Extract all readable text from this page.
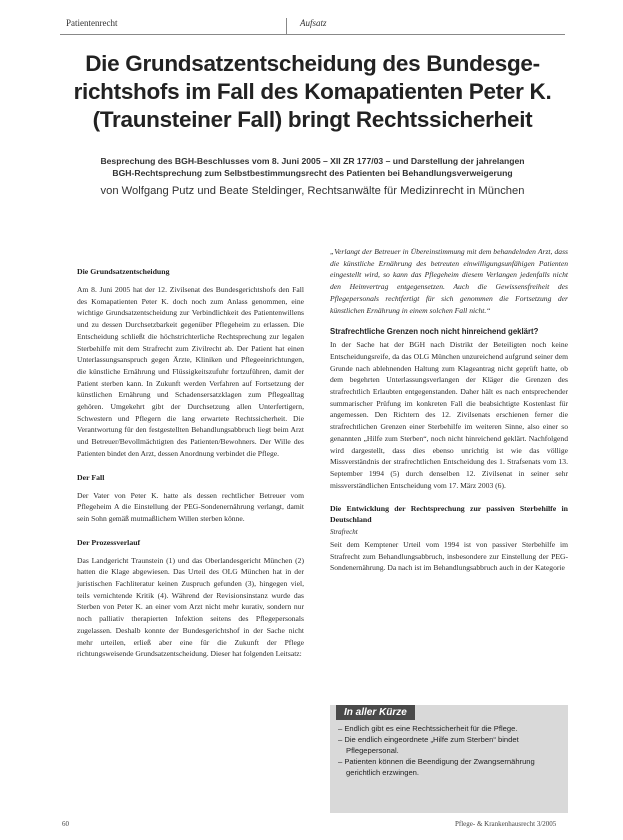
Patientenrecht	Aufsatz
Die Grundsatzentscheidung des Bundesge-
richtshofs im Fall des Komapatienten Peter K.
(Traunsteiner Fall) bringt Rechtssicherheit
Besprechung des BGH-Beschlusses vom 8. Juni 2005 – XII ZR 177/03 – und Darstellung der jahrelangen
BGH-Rechtsprechung zum Selbstbestimmungsrecht des Patienten bei Behandlungsverweigerung
von Wolfgang Putz und Beate Steldinger, Rechtsanwälte für Medizinrecht in München
Die Grundsatzentscheidung

Am 8. Juni 2005 hat der 12. Zivilsenat des Bundesgerichtshofs den Fall des Komapatienten Peter K. doch noch zum Anlass genommen, eine wichtige Grundsatzentscheidung zur Verbindlichkeit des Patientenwillens und zu dessen Durchsetzbarkeit gegenüber Pflegeheim zu erlassen. Die Entscheidung schließt die höchstrichterliche Rechtsprechung zur legalen Sterbehilfe mit dem Strafrecht zum Zivilrecht ab. Der Patient hat einen Unterlassungsanspruch gegen Ärzte, Kliniken und Pflegeeinrichtungen, die künstliche Ernährung und Flüssigkeitszufuhr fortzuführen, damit der Patient sterben kann. In Zukunft werden Verfahren auf Fortsetzung der künstlichen Ernährung und Schadensersatzklagen zum Pflegealltag gehören. Umgekehrt gibt der Durchsetzung allen Unterfertigern, Schwestern und Pflegern die lang erwartete Rechtssicherheit. Die Verantwortung für den festgestellten Behandlungsabbruch liegt beim Arzt und Betreuer/Bevollmächtigten des Patienten/Bewohners. Der Wille des Patienten bindet den Arzt, dessen Anordnung verbindet die Pflege.

Der Fall

Der Vater von Peter K. hatte als dessen rechtlicher Betreuer vom Pflegeheim A die Einstellung der PEG-Sondenernährung verlangt, damit sein Sohn gemäß mutmaßlichem Willen sterben könne.

Der Prozessverlauf

Das Landgericht Traunstein (1) und das Oberlandesgericht München (2) hatten die Klage abgewiesen. Das Urteil des OLG München hat in der juristischen Fachliteratur keinen Zuspruch gefunden (3), hingegen viel, teils vernichtende Kritik (4). Während der Revisionsinstanz wurde das Sterben von Peter K. an einer vom Arzt nicht mehr kurativ, sondern nur noch palliativ therapierten Infektion seitens des Pflegepersonals zugelassen. Deshalb konnte der Bundesgerichtshof in der Sache nicht mehr urteilen, erließ aber eine für die Zukunft der Pflege richtungsweisende Grundsatzentscheidung. Dieser hat folgenden Leitsatz:

„Verlangt der Betreuer in Übereinstimmung mit dem behandelnden Arzt, dass die künstliche Ernährung des betreuten einwilligungsunfähigen Patienten eingestellt wird, so kann das Pflegeheim diesem Verlangen jedenfalls nicht den Heimvertrag entgegensetzen. Auch die Gewissensfreiheit des Pflegepersonals rechtfertigt für sich genommen die Fortsetzung der künstlichen Ernährung in einem solchen Fall nicht.“

Strafrechtliche Grenzen noch nicht hinreichend geklärt?

In der Sache hat der BGH nach Distrikt der Beteiligten noch keine Entscheidungsreife, da das OLG München unzureichend aufgrund seiner dem Grunde nach ablehnenden Haltung zum Klageantrag nicht geprüft hatte, ob dem begehrten Unterlassungsverlangen der Kläger die Grenzen des strafrechtlich Erlaubten entgegenstanden. Daher hält es nach entsprechender summarischer Prüfung im konkreten Fall die beabsichtigte Kostenlast für angemessen. Den Richtern des 12. Zivilsenats erschienen ferner die strafrechtlichen Grenzen einer Sterbehilfe im weiteren Sinne, also einer so genannten „Hilfe zum Sterben“, noch nicht hinreichend geklärt. Nachfolgend wird dargestellt, dass dies ebenso unrichtig ist wie das völlige Missverständnis der strafrechtlichen Entscheidung des 1. Strafsenats vom 13. September 1994 (5) durch denselben 12. Zivilsenat in seiner sehr missverständlichen Entscheidung vom 17. März 2003 (6).

Die Entwicklung der Rechtsprechung zur passiven Sterbehilfe in Deutschland

Strafrecht

Seit dem Kemptener Urteil vom 1994 ist von passiver Sterbehilfe im Strafrecht zum Behandlungsabbruch, insbesondere zur Einstellung der PEG-Sondenernährung. Da nach ist im Behandlungsabbruch auch in der Kategorie

In aller Kürze
– Endlich gibt es eine Rechtssicherheit für die Pflege.
– Die endlich eingeordnete „Hilfe zum Sterben“ bindet Pflegepersonal.
– Patienten können die Beendigung der Zwangsernährung gerichtlich erzwingen.
60	Pflege- & Krankenhausrecht 3/2005
